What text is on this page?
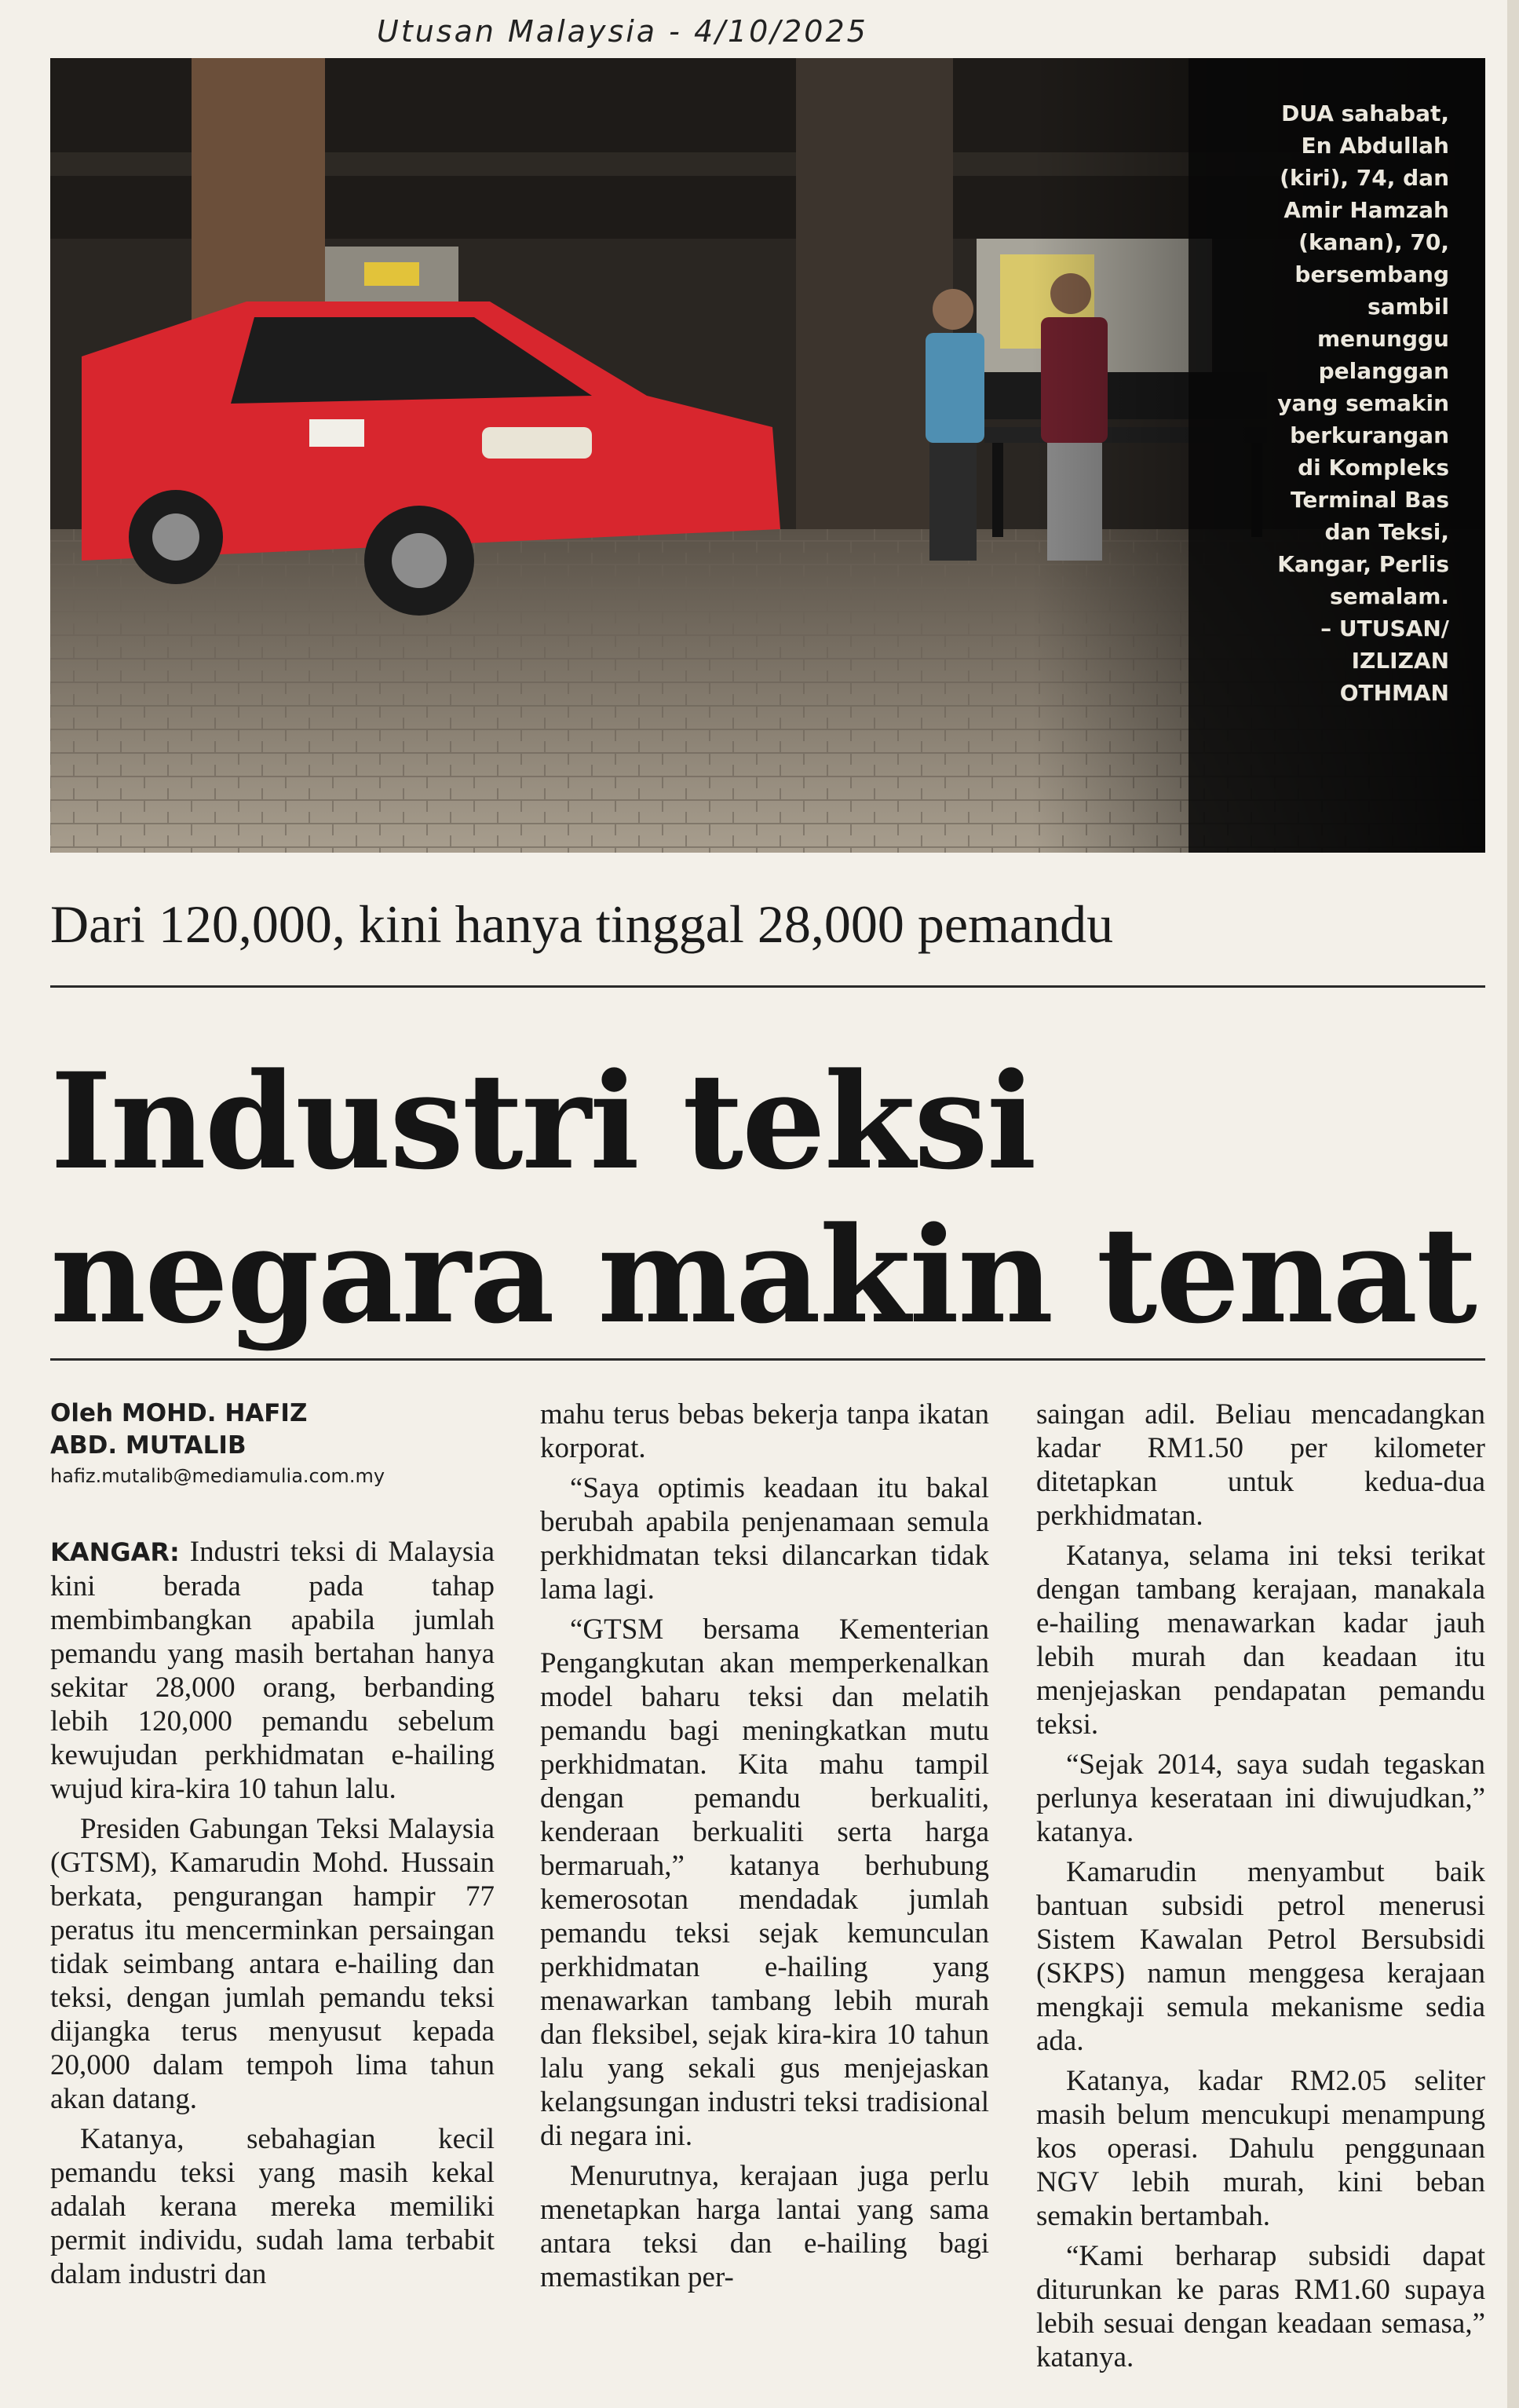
Utusan Malaysia - 4/10/2025
DUA sahabat,
En Abdullah
(kiri), 74, dan
Amir Hamzah
(kanan), 70,
bersembang
sambil
menunggu
pelanggan
yang semakin
berkurangan
di Kompleks
Terminal Bas
dan Teksi,
Kangar, Perlis
semalam.
– UTUSAN/
IZLIZAN
OTHMAN
Dari 120,000, kini hanya tinggal 28,000 pemandu
Industri teksi
negara makin tenat
Oleh MOHD. HAFIZ
ABD. MUTALIB
hafiz.mutalib@mediamulia.com.my

KANGAR: Industri teksi di Malaysia kini berada pada tahap membimbangkan apabila jumlah pemandu yang masih bertahan hanya sekitar 28,000 orang, berbanding lebih 120,000 pemandu sebelum kewujudan perkhidmatan e-hailing wujud kira-kira 10 tahun lalu.

Presiden Gabungan Teksi Malaysia (GTSM), Kamarudin Mohd. Hussain berkata, pengurangan hampir 77 peratus itu mencerminkan persaingan tidak seimbang antara e-hailing dan teksi, dengan jumlah pemandu teksi dijangka terus menyusut kepada 20,000 dalam tempoh lima tahun akan datang.

Katanya, sebahagian kecil pemandu teksi yang masih kekal adalah kerana mereka memiliki permit individu, sudah lama terbabit dalam industri dan

mahu terus bebas bekerja tanpa ikatan korporat.

“Saya optimis keadaan itu bakal berubah apabila penjenamaan semula perkhidmatan teksi dilancarkan tidak lama lagi.

“GTSM bersama Kementerian Pengangkutan akan memperkenalkan model baharu teksi dan melatih pemandu bagi meningkatkan mutu perkhidmatan. Kita mahu tampil dengan pemandu berkualiti, kenderaan berkualiti serta harga bermaruah,” katanya berhubung kemerosotan mendadak jumlah pemandu teksi sejak kemunculan perkhidmatan e-hailing yang menawarkan tambang lebih murah dan fleksibel, sejak kira-kira 10 tahun lalu yang sekali gus menjejaskan kelangsungan industri teksi tradisional di negara ini.

Menurutnya, kerajaan juga perlu menetapkan harga lantai yang sama antara teksi dan e-hailing bagi memastikan per-

saingan adil. Beliau mencadangkan kadar RM1.50 per kilometer ditetapkan untuk kedua-dua perkhidmatan.

Katanya, selama ini teksi terikat dengan tambang kerajaan, manakala e-hailing menawarkan kadar jauh lebih murah dan keadaan itu menjejaskan pendapatan pemandu teksi.

“Sejak 2014, saya sudah tegaskan perlunya keserataan ini diwujudkan,” katanya.

Kamarudin menyambut baik bantuan subsidi petrol menerusi Sistem Kawalan Petrol Bersubsidi (SKPS) namun menggesa kerajaan mengkaji semula mekanisme sedia ada.

Katanya, kadar RM2.05 seliter masih belum mencukupi menampung kos operasi. Dahulu penggunaan NGV lebih murah, kini beban semakin bertambah.

“Kami berharap subsidi dapat diturunkan ke paras RM1.60 supaya lebih sesuai dengan keadaan semasa,” katanya.
